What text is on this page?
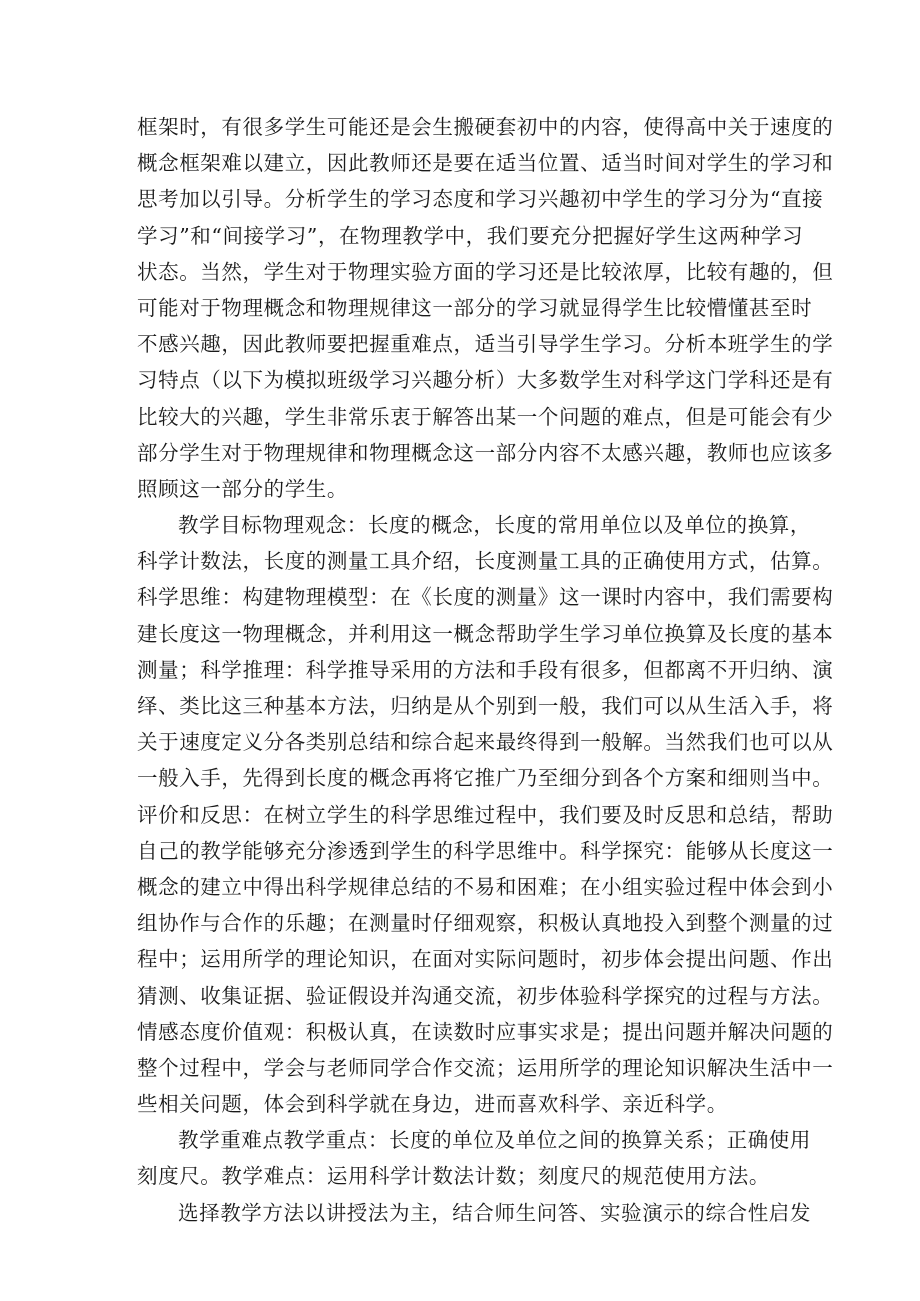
框架时，有很多学生可能还是会生搬硬套初中的内容，使得高中关于速度的
概念框架难以建立，因此教师还是要在适当位置、适当时间对学生的学习和
思考加以引导。分析学生的学习态度和学习兴趣初中学生的学习分为“直接
学习”和“间接学习”，在物理教学中，我们要充分把握好学生这两种学习
状态。当然，学生对于物理实验方面的学习还是比较浓厚，比较有趣的，但
可能对于物理概念和物理规律这一部分的学习就显得学生比较懵懂甚至时
不感兴趣，因此教师要把握重难点，适当引导学生学习。分析本班学生的学
习特点（以下为模拟班级学习兴趣分析）大多数学生对科学这门学科还是有
比较大的兴趣，学生非常乐衷于解答出某一个问题的难点，但是可能会有少
部分学生对于物理规律和物理概念这一部分内容不太感兴趣，教师也应该多
照顾这一部分的学生。
教学目标物理观念：长度的概念，长度的常用单位以及单位的换算，
科学计数法，长度的测量工具介绍，长度测量工具的正确使用方式，估算。
科学思维：构建物理模型：在《长度的测量》这一课时内容中，我们需要构
建长度这一物理概念，并利用这一概念帮助学生学习单位换算及长度的基本
测量；科学推理：科学推导采用的方法和手段有很多，但都离不开归纳、演
绎、类比这三种基本方法，归纳是从个别到一般，我们可以从生活入手，将
关于速度定义分各类别总结和综合起来最终得到一般解。当然我们也可以从
一般入手，先得到长度的概念再将它推广乃至细分到各个方案和细则当中。
评价和反思：在树立学生的科学思维过程中，我们要及时反思和总结，帮助
自己的教学能够充分渗透到学生的科学思维中。科学探究：能够从长度这一
概念的建立中得出科学规律总结的不易和困难；在小组实验过程中体会到小
组协作与合作的乐趣；在测量时仔细观察，积极认真地投入到整个测量的过
程中；运用所学的理论知识，在面对实际问题时，初步体会提出问题、作出
猜测、收集证据、验证假设并沟通交流，初步体验科学探究的过程与方法。
情感态度价值观：积极认真，在读数时应事实求是；提出问题并解决问题的
整个过程中，学会与老师同学合作交流；运用所学的理论知识解决生活中一
些相关问题，体会到科学就在身边，进而喜欢科学、亲近科学。
教学重难点教学重点：长度的单位及单位之间的换算关系；正确使用
刻度尺。教学难点：运用科学计数法计数；刻度尺的规范使用方法。
选择教学方法以讲授法为主，结合师生问答、实验演示的综合性启发
